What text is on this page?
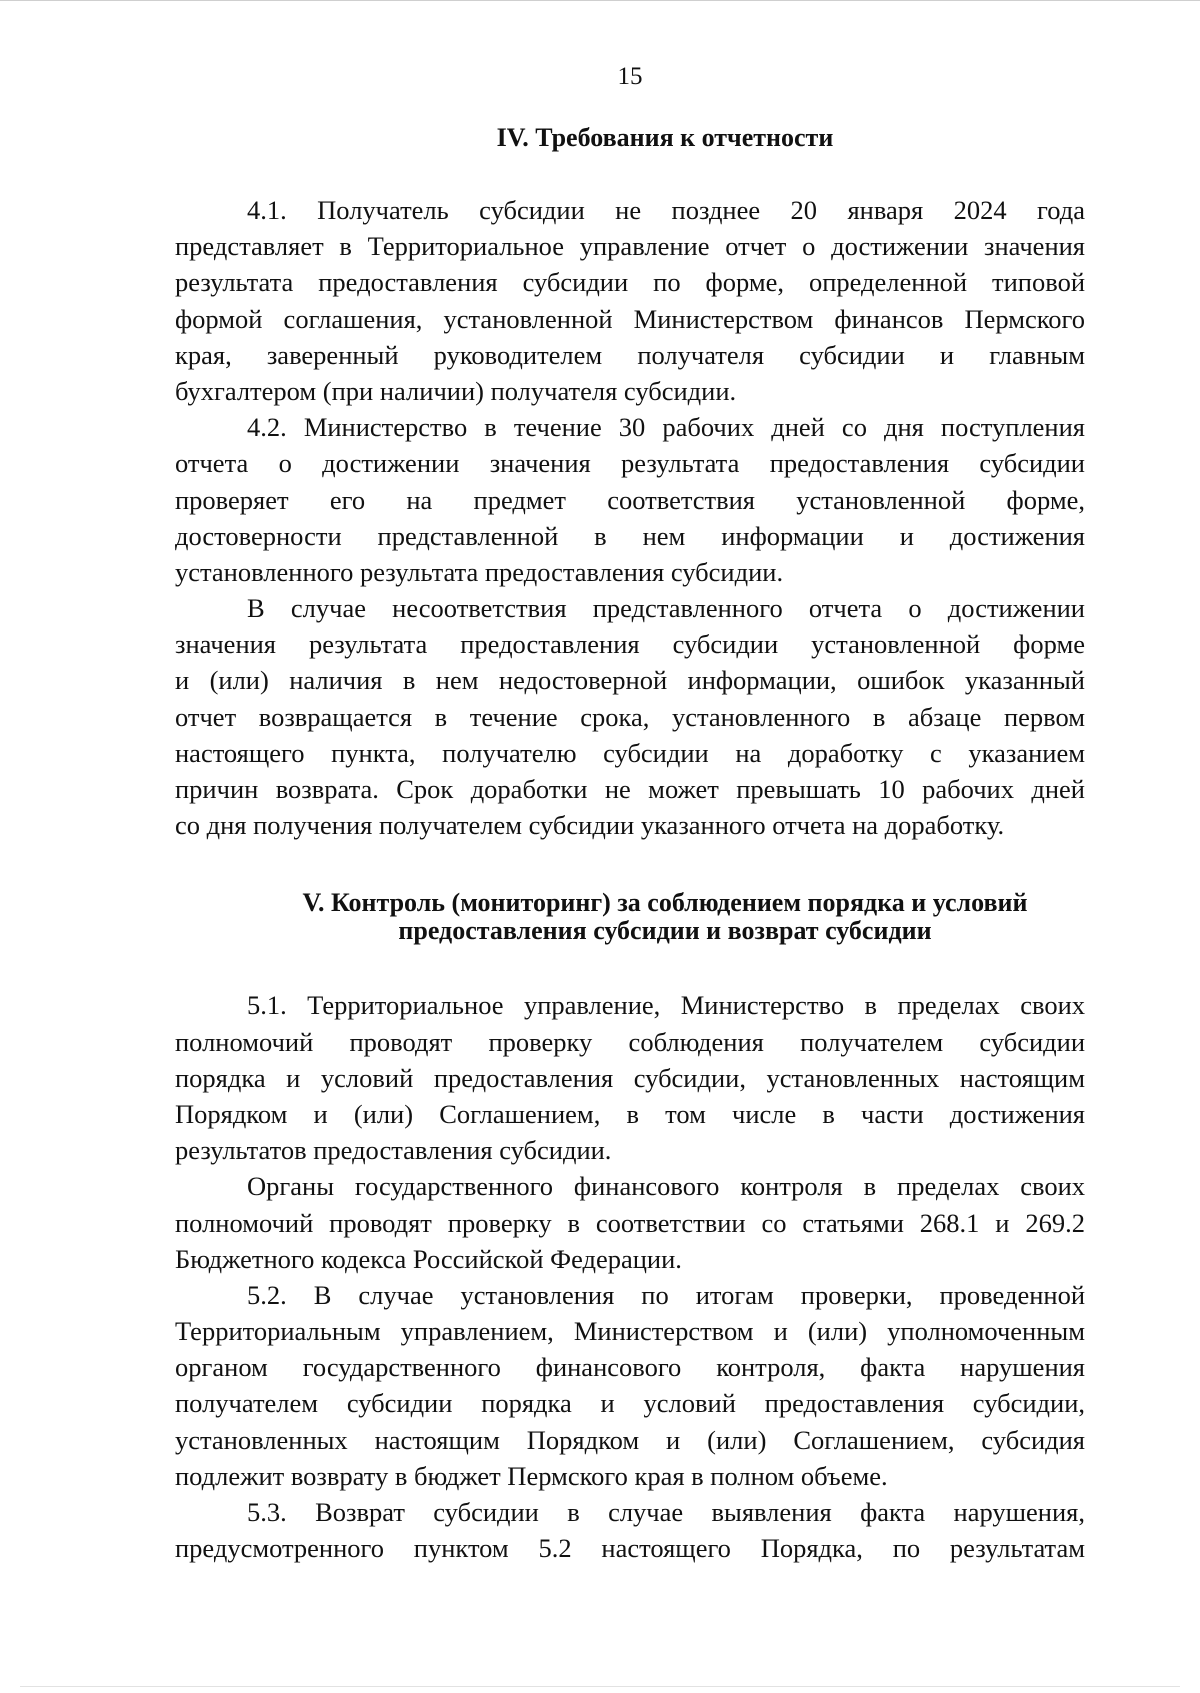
15
IV. Требования к отчетности
4.1. Получатель субсидии не позднее 20 января 2024 года
представляет в Территориальное управление отчет о достижении значения
результата предоставления субсидии по форме, определенной типовой
формой соглашения, установленной Министерством финансов Пермского
края, заверенный руководителем получателя субсидии и главным
бухгалтером (при наличии) получателя субсидии.
4.2. Министерство в течение 30 рабочих дней со дня поступления
отчета о достижении значения результата предоставления субсидии
проверяет его на предмет соответствия установленной форме,
достоверности представленной в нем информации и достижения
установленного результата предоставления субсидии.
В случае несоответствия представленного отчета о достижении
значения результата предоставления субсидии установленной форме
и (или) наличия в нем недостоверной информации, ошибок указанный
отчет возвращается в течение срока, установленного в абзаце первом
настоящего пункта, получателю субсидии на доработку с указанием
причин возврата. Срок доработки не может превышать 10 рабочих дней
со дня получения получателем субсидии указанного отчета на доработку.
V. Контроль (мониторинг) за соблюдением порядка и условий
предоставления субсидии и возврат субсидии
5.1. Территориальное управление, Министерство в пределах своих
полномочий проводят проверку соблюдения получателем субсидии
порядка и условий предоставления субсидии, установленных настоящим
Порядком и (или) Соглашением, в том числе в части достижения
результатов предоставления субсидии.
Органы государственного финансового контроля в пределах своих
полномочий проводят проверку в соответствии со статьями 268.1 и 269.2
Бюджетного кодекса Российской Федерации.
5.2. В случае установления по итогам проверки, проведенной
Территориальным управлением, Министерством и (или) уполномоченным
органом государственного финансового контроля, факта нарушения
получателем субсидии порядка и условий предоставления субсидии,
установленных настоящим Порядком и (или) Соглашением, субсидия
подлежит возврату в бюджет Пермского края в полном объеме.
5.3. Возврат субсидии в случае выявления факта нарушения,
предусмотренного пунктом 5.2 настоящего Порядка, по результатам
